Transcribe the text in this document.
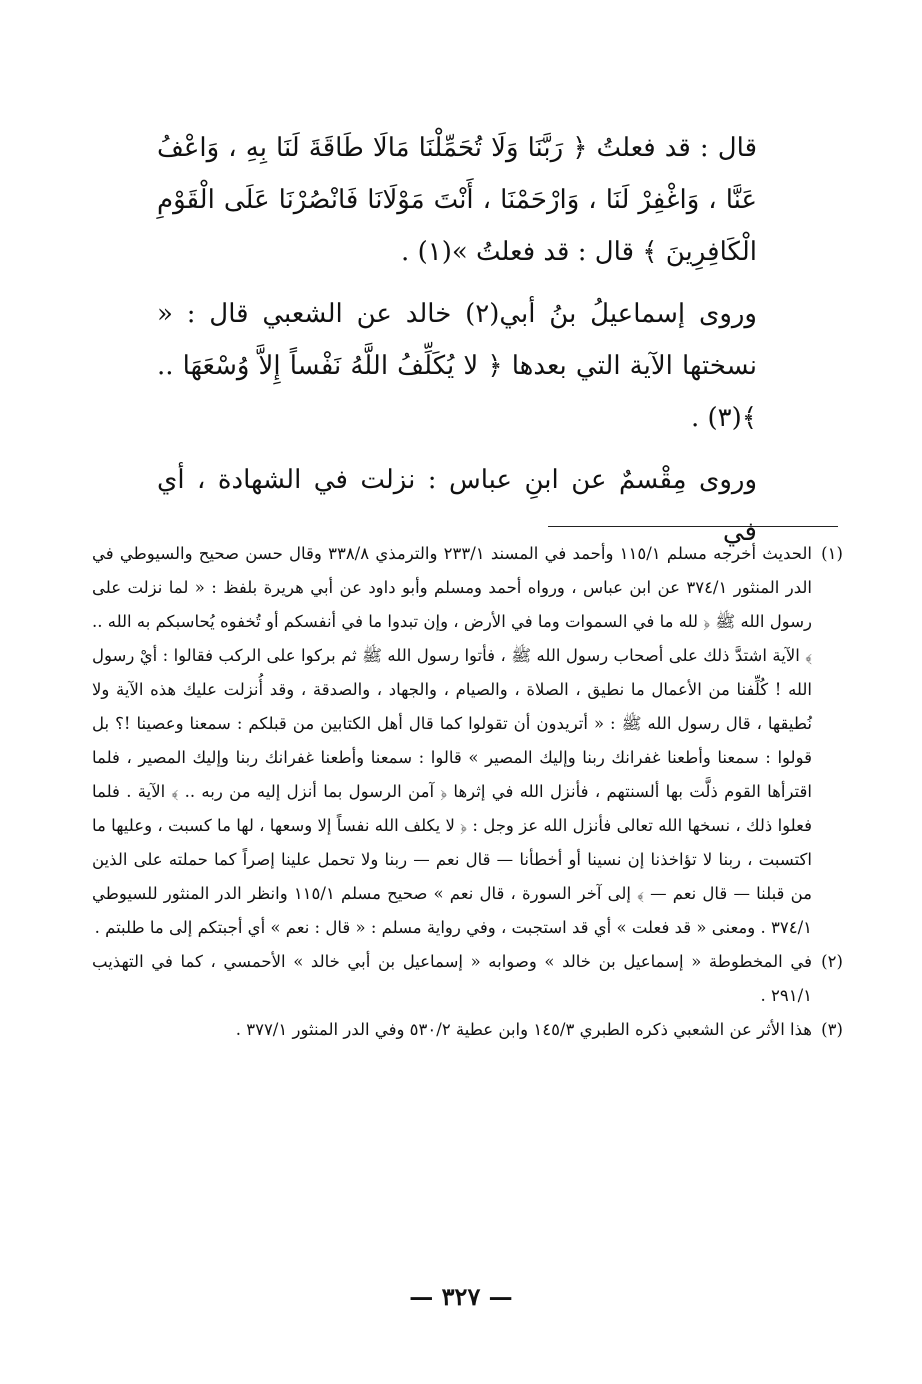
قال : قد فعلتُ ﴿ رَبَّنَا وَلَا تُحَمِّلْنَا مَالَا طَاقَةَ لَنَا بِهِ ، وَاعْفُ عَنَّا ، وَاغْفِرْ لَنَا ، وَارْحَمْنَا ، أَنْتَ مَوْلَانَا فَانْصُرْنَا عَلَى الْقَوْمِ الْكَافِرِينَ ﴾ قال : قد فعلتُ »(١) .

وروى إسماعيلُ بنُ أبي(٢) خالد عن الشعبي قال : « نسختها الآية التي بعدها ﴿ لا يُكَلِّفُ اللَّهُ نَفْساً إِلاَّ وُسْعَهَا .. ﴾(٣) .

وروى مِقْسمٌ عن ابنِ عباس : نزلت في الشهادة ، أي في

(١)
الحديث أخرجه مسلم ١١٥/١ وأحمد في المسند ٢٣٣/١ والترمذي ٣٣٨/٨ وقال حسن صحيح والسيوطي في الدر المنثور ٣٧٤/١ عن ابن عباس ، ورواه أحمد ومسلم وأبو داود عن أبي هريرة بلفظ : « لما نزلت على رسول الله ﷺ ﴿ لله ما في السموات وما في الأرض ، وإن تبدوا ما في أنفسكم أو تُخفوه يُحاسبكم به الله .. ﴾ الآية اشتدَّ ذلك على أصحاب رسول الله ﷺ ، فأتوا رسول الله ﷺ ثم بركوا على الركب فقالوا : أيْ رسول الله ! كُلِّفنا من الأعمال ما نطيق ، الصلاة ، والصيام ، والجهاد ، والصدقة ، وقد أُنزلت عليك هذه الآية ولا نُطيقها ، قال رسول الله ﷺ : « أتريدون أن تقولوا كما قال أهل الكتابين من قبلكم : سمعنا وعصينا !؟ بل قولوا : سمعنا وأطعنا غفرانك ربنا وإليك المصير » قالوا : سمعنا وأطعنا غفرانك ربنا وإليك المصير ، فلما اقترأها القوم ذلَّت بها ألسنتهم ، فأنزل الله في إثرها ﴿ آمن الرسول بما أنزل إليه من ربه .. ﴾ الآية . فلما فعلوا ذلك ، نسخها الله تعالى فأنزل الله عز وجل : ﴿ لا يكلف الله نفساً إلا وسعها ، لها ما كسبت ، وعليها ما اكتسبت ، ربنا لا تؤاخذنا إن نسينا أو أخطأنا — قال نعم — ربنا ولا تحمل علينا إصراً كما حملته على الذين من قبلنا — قال نعم — ﴾ إلى آخر السورة ، قال نعم » صحيح مسلم ١١٥/١ وانظر الدر المنثور للسيوطي ٣٧٤/١ . ومعنى « قد فعلت » أي قد استجبت ، وفي رواية مسلم : « قال : نعم » أي أجبتكم إلى ما طلبتم .
(٢)
في المخطوطة « إسماعيل بن خالد » وصوابه « إسماعيل بن أبي خالد » الأحمسي ، كما في التهذيب ٢٩١/١ .
(٣)
هذا الأثر عن الشعبي ذكره الطبري ١٤٥/٣ وابن عطية ٥٣٠/٢ وفي الدر المنثور ٣٧٧/١ .
— ٣٢٧ —
